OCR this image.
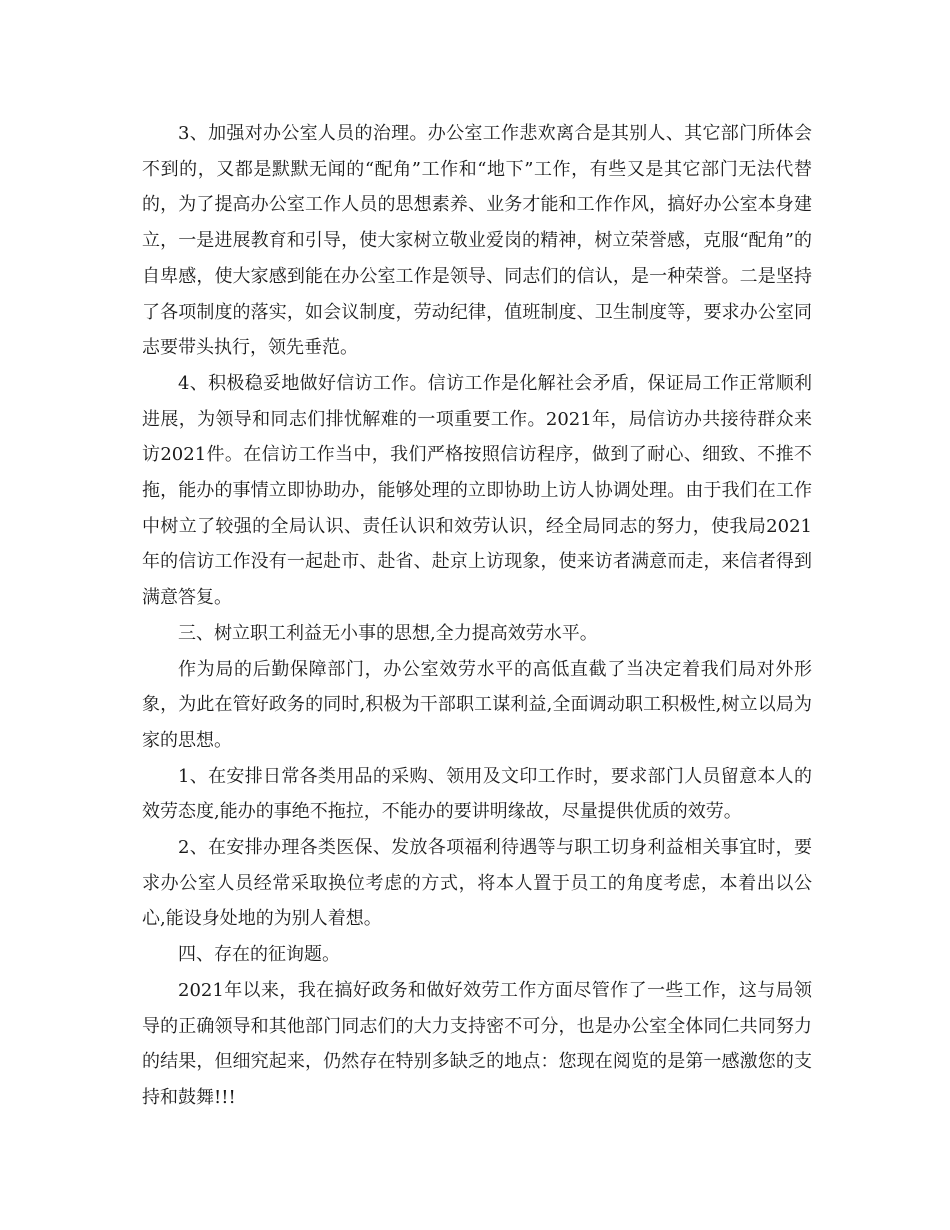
3、加强对办公室人员的治理。办公室工作悲欢离合是其别人、其它部门所体会不到的，又都是默默无闻的“配角”工作和“地下”工作，有些又是其它部门无法代替的，为了提高办公室工作人员的思想素养、业务才能和工作作风，搞好办公室本身建立，一是进展教育和引导，使大家树立敬业爱岗的精神，树立荣誉感，克服“配角”的自卑感，使大家感到能在办公室工作是领导、同志们的信认，是一种荣誉。二是坚持了各项制度的落实，如会议制度，劳动纪律，值班制度、卫生制度等，要求办公室同志要带头执行，领先垂范。

4、积极稳妥地做好信访工作。信访工作是化解社会矛盾，保证局工作正常顺利进展，为领导和同志们排忧解难的一项重要工作。2021年，局信访办共接待群众来访2021件。在信访工作当中，我们严格按照信访程序，做到了耐心、细致、不推不拖，能办的事情立即协助办，能够处理的立即协助上访人协调处理。由于我们在工作中树立了较强的全局认识、责任认识和效劳认识，经全局同志的努力，使我局2021年的信访工作没有一起赴市、赴省、赴京上访现象，使来访者满意而走，来信者得到满意答复。

三、树立职工利益无小事的思想,全力提高效劳水平。

作为局的后勤保障部门，办公室效劳水平的高低直截了当决定着我们局对外形象，为此在管好政务的同时,积极为干部职工谋利益,全面调动职工积极性,树立以局为家的思想。

1、在安排日常各类用品的采购、领用及文印工作时，要求部门人员留意本人的效劳态度,能办的事绝不拖拉，不能办的要讲明缘故，尽量提供优质的效劳。

2、在安排办理各类医保、发放各项福利待遇等与职工切身利益相关事宜时，要求办公室人员经常采取换位考虑的方式，将本人置于员工的角度考虑，本着出以公心,能设身处地的为别人着想。

四、存在的征询题。

2021年以来，我在搞好政务和做好效劳工作方面尽管作了一些工作，这与局领导的正确领导和其他部门同志们的大力支持密不可分，也是办公室全体同仁共同努力的结果，但细究起来，仍然存在特别多缺乏的地点：您现在阅览的是第一感激您的支持和鼓舞!!!
